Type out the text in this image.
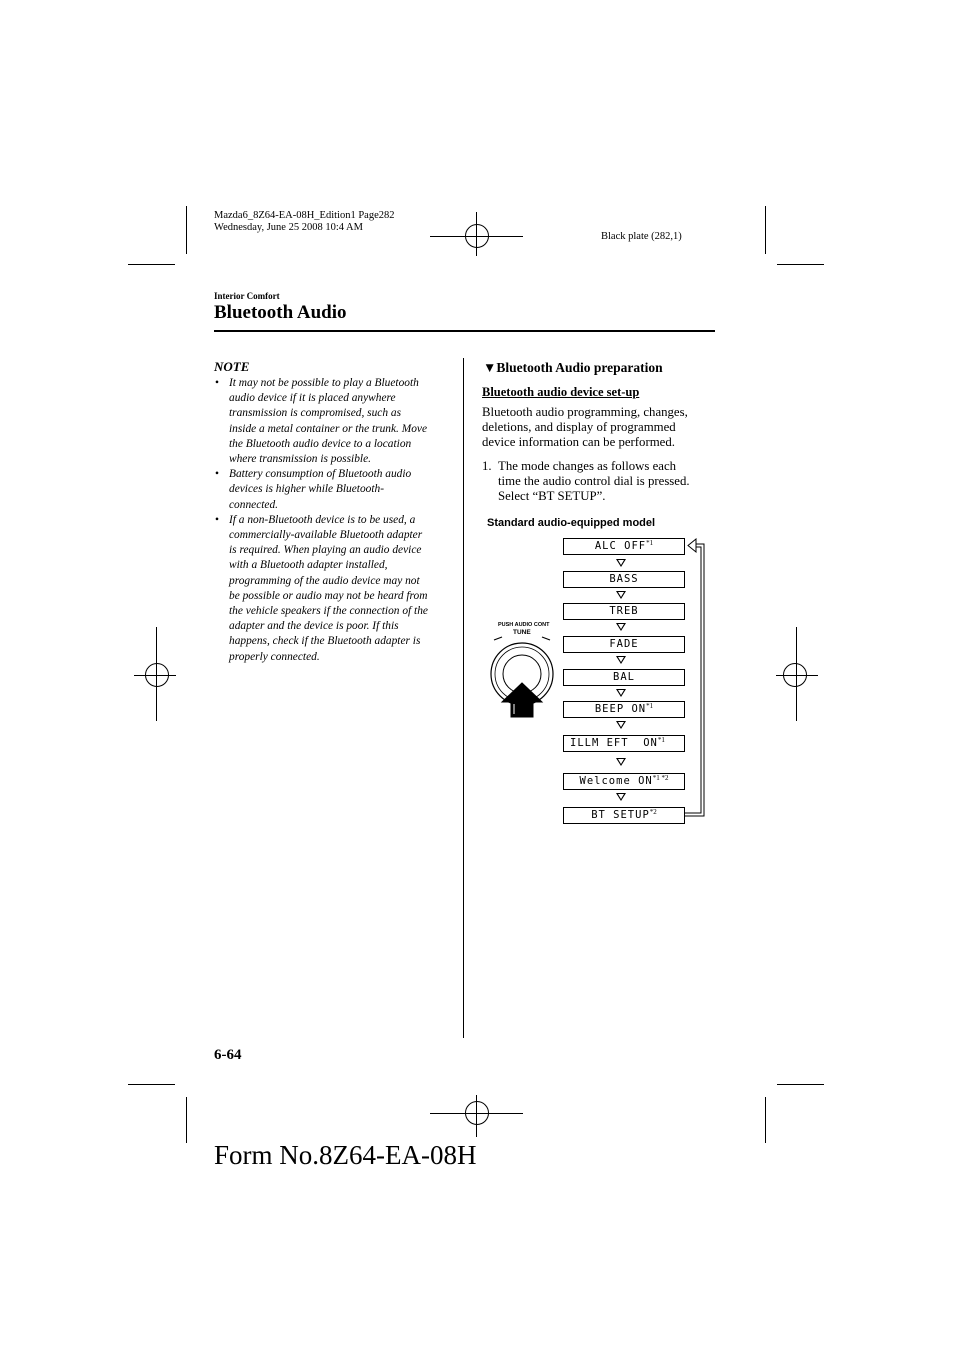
Mazda6_8Z64-EA-08H_Edition1 Page282
Wednesday, June 25 2008 10:4 AM
Black plate (282,1)
Interior Comfort
Bluetooth Audio
NOTE
• It may not be possible to play a Bluetooth
audio device if it is placed anywhere
transmission is compromised, such as
inside a metal container or the trunk. Move
the Bluetooth audio device to a location
where transmission is possible.
• Battery consumption of Bluetooth audio
devices is higher while Bluetooth-
connected.
• If a non-Bluetooth device is to be used, a
commercially-available Bluetooth adapter
is required. When playing an audio device
with a Bluetooth adapter installed,
programming of the audio device may not
be possible or audio may not be heard from
the vehicle speakers if the connection of the
adapter and the device is poor. If this
happens, check if the Bluetooth adapter is
properly connected.
▼Bluetooth Audio preparation
Bluetooth audio device set-up
Bluetooth audio programming, changes,
deletions, and display of programmed
device information can be performed.
1. The mode changes as follows each
time the audio control dial is pressed.
Select “BT SETUP”.
Standard audio-equipped model
PUSH AUDIO CONT
TUNE
ALC OFF$^{*1}$
BASS
TREB
FADE
BAL
BEEP ON$^{*1}$
ILLM EFT  ON$^{*1}$
Welcome $ON^{*1 *2}$
BT SETUP$^{*2}$
6-64
Form No.8Z64-EA-08H
